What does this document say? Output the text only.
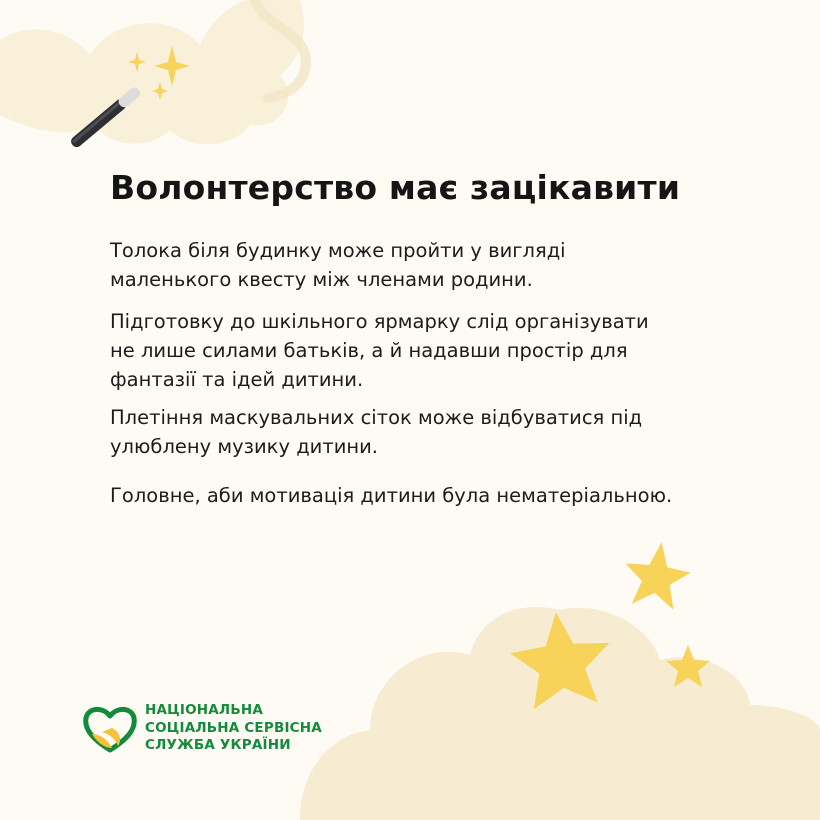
Волонтерство має зацікавити

Толока біля будинку може пройти у вигляді
маленького квесту між членами родини.

Підготовку до шкільного ярмарку слід організувати
не лише силами батьків, а й надавши простір для
фантазії та ідей дитини.

Плетіння маскувальних сіток може відбуватися під
улюблену музику дитини.

Головне, аби мотивація дитини була нематеріальною.

НАЦІОНАЛЬНА
СОЦІАЛЬНА СЕРВІСНА
СЛУЖБА УКРАЇНИ
